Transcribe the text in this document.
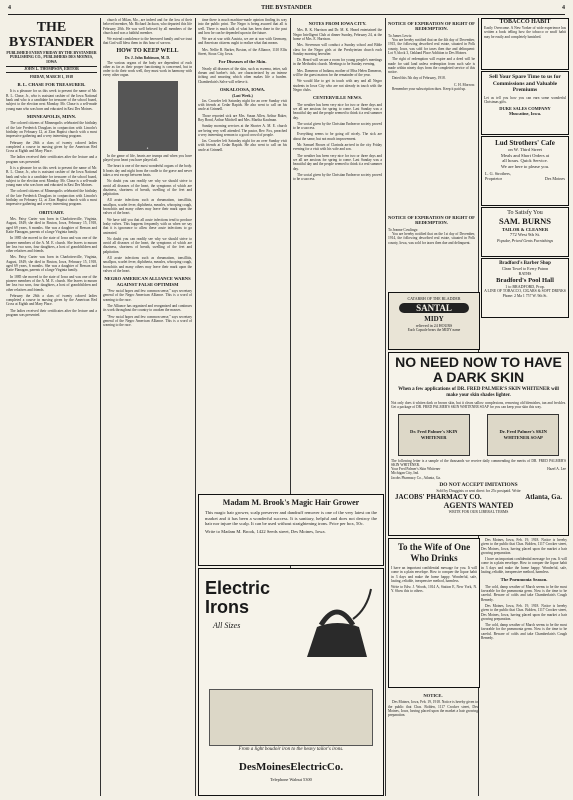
4	THE BYSTANDER	4
THE BYSTANDER
PUBLISHED EVERY FRIDAY BY THE BYSTANDER PUBLISHING CO., PUBLISHERS DES MOINES, IOWA
JOHN L. THOMPSON, EDITOR
FRIDAY, MARCH 1, 1918
B. L. CHASE FOR TREASURER.

It is a pleasure for us this week to present the name of Mr. B. L. Chase, Jr., who is assistant cashier of the Iowa National bank and who is a candidate for treasurer of the school board, subject to the election next Monday. Mr. Chase is a self-made young man who was born and educated in East Des Moines.

MINNEAPOLIS, MINN.

The colored citizens of Minneapolis celebrated the birthday of the late Frederick Douglass in conjunction with Lincoln's birthday on February 12, at Zion Baptist church with a most impressive gathering and a very interesting program.

February the 26th a class of twenty colored ladies completed a course in nursing given by the American Red Cross at Eighth and Mary Place.

The ladies received their certificates after the lecture and a program was presented.

It is a pleasure for us this week to present the name of Mr. B. L. Chase, Jr., who is assistant cashier of the Iowa National bank and who is a candidate for treasurer of the school board, subject to the election next Monday. Mr. Chase is a self-made young man who was born and educated in East Des Moines.

The colored citizens of Minneapolis celebrated the birthday of the late Frederick Douglass in conjunction with Lincoln's birthday on February 12, at Zion Baptist church with a most impressive gathering and a very interesting program.

OBITUARY.

Mrs. Patsy Carter was born in Charlottesville, Virginia, August, 1849; she died in Boston, Iowa, February 15, 1918, aged 69 years, 6 months. She was a daughter of Benson and Katie Flanagan, parents of a large Virginia family.

In 1885 she moved to the state of Iowa and was one of the pioneer members of the A. M. E. church. She leaves to mourn her loss two sons, four daughters, a host of grandchildren and other relatives and friends.

Mrs. Patsy Carter was born in Charlottesville, Virginia, August, 1849; she died in Boston, Iowa, February 15, 1918, aged 69 years, 6 months. She was a daughter of Benson and Katie Flanagan, parents of a large Virginia family.

In 1885 she moved to the state of Iowa and was one of the pioneer members of the A. M. E. church. She leaves to mourn her loss two sons, four daughters, a host of grandchildren and other relatives and friends.

February the 26th a class of twenty colored ladies completed a course in nursing given by the American Red Cross at Eighth and Mary Place.

The ladies received their certificates after the lecture and a program was presented.

church of Milan, Mo., are indeed and for the loss of their beloved member, Mr. Richard Jackson, who departed this life February 20th. He was well beloved by all members of the church and was a faithful member.

We extend condolence to the bereaved family and we trust that God will bless them in this hour of sorrow.

HOW TO KEEP WELL
Dr. J. John Robinson, M. D.

The various organs of the body are dependent of each other as far as their proper functioning is concerned, but in order to do their work well, they must work in harmony with every other organ.

●

In the game of life, hearts are trumps and when you have played your heart you have played all.

The heart is one of the most wonderful organs of the body. It beats day and night from the cradle to the grave and never takes a rest except between beats.

No doubt you can readily see why we should strive to avoid all diseases of the heart, the symptoms of which are dizziness, shortness of breath, swelling of the feet and palpitation.

All acute infections such as rheumatism, tonsillitis, smallpox, scarlet fever, diphtheria, measles, whooping cough, bronchitis and many others may leave their mark upon the valves of the heart.

We have told you that all acute infections tend to produce leaky valves. This happens frequently with us when we say that it is ignorance to allow these acute infections to go untreated.

No doubt you can readily see why we should strive to avoid all diseases of the heart, the symptoms of which are dizziness, shortness of breath, swelling of the feet and palpitation.

All acute infections such as rheumatism, tonsillitis, smallpox, scarlet fever, diphtheria, measles, whooping cough, bronchitis and many others may leave their mark upon the valves of the heart.

NEGRO AMERICAN ALLIANCE WARNS AGAINST FALSE OPTIMISM

"Few racial hopes and few common sense," says secretary general of the Negro American Alliance. This is a word of warning to the race.

The Alliance has organized and reorganized and continues its work throughout the country to awaken the masses.

"Few racial hopes and few common sense," says secretary general of the Negro American Alliance. This is a word of warning to the race.

time there is much machine-made opinion finding its way into the public print. The Negro is being assured that all is well. There is much talk of what has been done in the past and how he can be depended upon in the future.

We are at war with Austria, we are at war with Germany, and American citizens ought to realize what that means.

Mrs. Nellie B. Barker, Boston, of the Alliance, 1110 Ellis Street, Sioux City, Iowa.

For Diseases of the Skin.

Nearly all diseases of the skin, such as eczema, tetter, salt rheum and barber's itch, are characterized by an intense itching and smarting which often makes life a burden. Chamberlain's Salve will relieve it.

OSKALOOSA, IOWA.
(Last Week.)

Jas. Crowder left Saturday night for an over Sunday visit with friends at Cedar Rapids. He also went to call on his uncle at Grinnell.

Those reported sick are Mrs. Susan Allen, Arthur Baker, Roy Bond, Arthur Mitchell and Mrs. Martha Kaufman.

Sunday morning services at the Shorter A. M. E. church are being very well attended. The pastor, Rev. Fox, preached a very interesting sermon to a good crowd of people.

Jas. Crowder left Saturday night for an over Sunday visit with friends at Cedar Rapids. He also went to call on his uncle at Grinnell.

NOTES FROM IOWA CITY.

Mrs. B. K. Harrison and Dr. M. K. Heard entertained the Negro Intelligent Club at dinner Sunday, February 24, at the home of Mrs. E. Harrison.

Mrs. Stevenson will conduct a Sunday school and Bible class for the Negro girls at the Presbyterian church each Sunday morning hereafter.

Dr. Heard will secure a room for young people's meetings in the Methodist church. Meetings to be Sunday evening.

Mrs. Dameron of Indiana, mother of Miss Helen Dameron, will be the guest matron for the remainder of the year.

We would like to get in touch with any and all Negro students in Iowa City who are not already in touch with the Negro clubs.

CENTERVILLE NEWS.

The weather has been very nice for two or three days and we all are anxious for spring to come. Last Sunday was a beautiful day and the people seemed to think it a real summer day.

The social given by the Christian Endeavor society proved to be a success.

Everything seems to be going off nicely. The sick are about the same, but not much improvement.

Mr. Samuel Brown of Clarinda arrived in the city Friday evening for a visit with his wife and son.

The weather has been very nice for two or three days and we all are anxious for spring to come. Last Sunday was a beautiful day and the people seemed to think it a real summer day.

The social given by the Christian Endeavor society proved to be a success.

NOTICE OF EXPIRATION OF RIGHT OF REDEMPTION.
To James Lewis:

You are hereby notified that on the 4th day of December, 1915, the following described real estate, situated in Polk county, Iowa, was sold for taxes then due and delinquent: Lot 9, block 3, Oakland Place Addition to Des Moines.

The right of redemption will expire and a deed will be made for said land unless redemption from such sale is made within ninety days from the completed service of this notice.

Dated this 5th day of February, 1918.

C. H. Morrow.

Remember your subscription dues. Keep it paid up.

NOTICE OF EXPIRATION OF RIGHT OF REDEMPTION.
To Jeanne Cowlings:

You are hereby notified that on the 1st day of December, 1914, the following described real estate, situated in Polk county, Iowa, was sold for taxes then due and delinquent.

TOBACCO HABIT
Easily Overcome. A New Yorker of wide experience has written a book telling how the tobacco or snuff habit may be easily and completely banished.
Sell Your Spare Time to us for Commissions and Valuable Premiums
Let us tell you how you can earn some wonderful Christmas gifts.
DUKE SALES COMPANY
Muscatine, Iowa.
Lud Strothers' Cafe
on W. Third Street
Meals and Short Orders at
all hours. Quick Service.
We are here to please you.
L. G. Strothers,
Proprietor	Des Moines
To Satisfy You
SAM. BURNS
TAILOR & CLEANER
772 West 9th St.
Popular, Priced Gents Furnishings
Bradford's Barber Shop
Clean Towel to Every Patron
BATHS
Bradford's Pool Hall
1 to BRADFORD, Prop.
A LINE OF TOBACCO, CIGARS & SOFT DRINKS
Phone: 2 Ma 1 757 W. 9th St.
CATARRH OF THE BLADDER
SANTAL
MIDY
relieved in 24 HOURS
Each Capsule bears the MIDY name
NO NEED NOW TO HAVE A DARK SKIN
When a few applications of DR. FRED PALMER'S SKIN WHITENER will make your skin shades lighter.
Not only does it whiten dark or brown skin, but it clears sallow complexions, removing old blemishes, tan and freckles. Get a package of DR. FRED PALMER'S SKIN WHITENER SOAP for you can keep your skin this way.
Dr. Fred Palmer's SKIN WHITENER
Dr. Fred Palmer's SKIN WHITENER SOAP
The following letter is a sample of the thousands we receive daily commending the merits of DR. FRED PALMER'S SKIN WHITENER.
Your Fred Palmer's Skin Whitener
Michigan City, Ind.
Jacobs Pharmacy Co., Atlanta, Ga.
Hazel A. Lee
DO NOT ACCEPT IMITATIONS
Sold by Druggists or sent direct for 25c postpaid. Write
JACOBS' PHARMACY CO.	Atlanta, Ga.
AGENTS WANTED
WRITE FOR OUR LIBERAL TERMS
Madam M. Brook's Magic Hair Grower
This magic hair grower, scalp preserver and dandruff remover is one of the very latest on the market and it has been a wonderful success. It is sanitary, helpful and does not destroy the hair nor injure the scalp. It can be used without straightening irons. Price per box, 50c.
Write to Madam M. Brook, 1422 Seeds street, Des Moines, Iowa.
Electric Irons
All Sizes
From a light boudoir iron to the heavy tailor's irons.
DesMoinesElectricCo.
Telephone Walnut 5300
To the Wife of One Who Drinks
I have an important confidential message for you. It will come in a plain envelope. How to conquer the liquor habit in 3 days and make the home happy. Wonderful, safe, lasting, reliable, inexpensive method, harmless.
Write to Edw. J. Woods, 1014 A, Station E, New York, N. Y. Show this to others.
NOTICE.

Des Moines, Iowa, Feb. 19, 1918. Notice is hereby given to the public that Chas. Bolden, 1117 Crocker street, Des Moines, Iowa, having placed upon the market a hair growing preparation.

Des Moines, Iowa, Feb. 19, 1918. Notice is hereby given to the public that Chas. Bolden, 1117 Crocker street, Des Moines, Iowa, having placed upon the market a hair growing preparation.

I have an important confidential message for you. It will come in a plain envelope. How to conquer the liquor habit in 3 days and make the home happy. Wonderful, safe, lasting, reliable, inexpensive method, harmless.

The Pneumonia Season.

The cold, damp weather of March seems to be the most favorable for the pneumonia germ. Now is the time to be careful. Beware of colds and take Chamberlain's Cough Remedy.

Des Moines, Iowa, Feb. 19, 1918. Notice is hereby given to the public that Chas. Bolden, 1117 Crocker street, Des Moines, Iowa, having placed upon the market a hair growing preparation.

The cold, damp weather of March seems to be the most favorable for the pneumonia germ. Now is the time to be careful. Beware of colds and take Chamberlain's Cough Remedy.
